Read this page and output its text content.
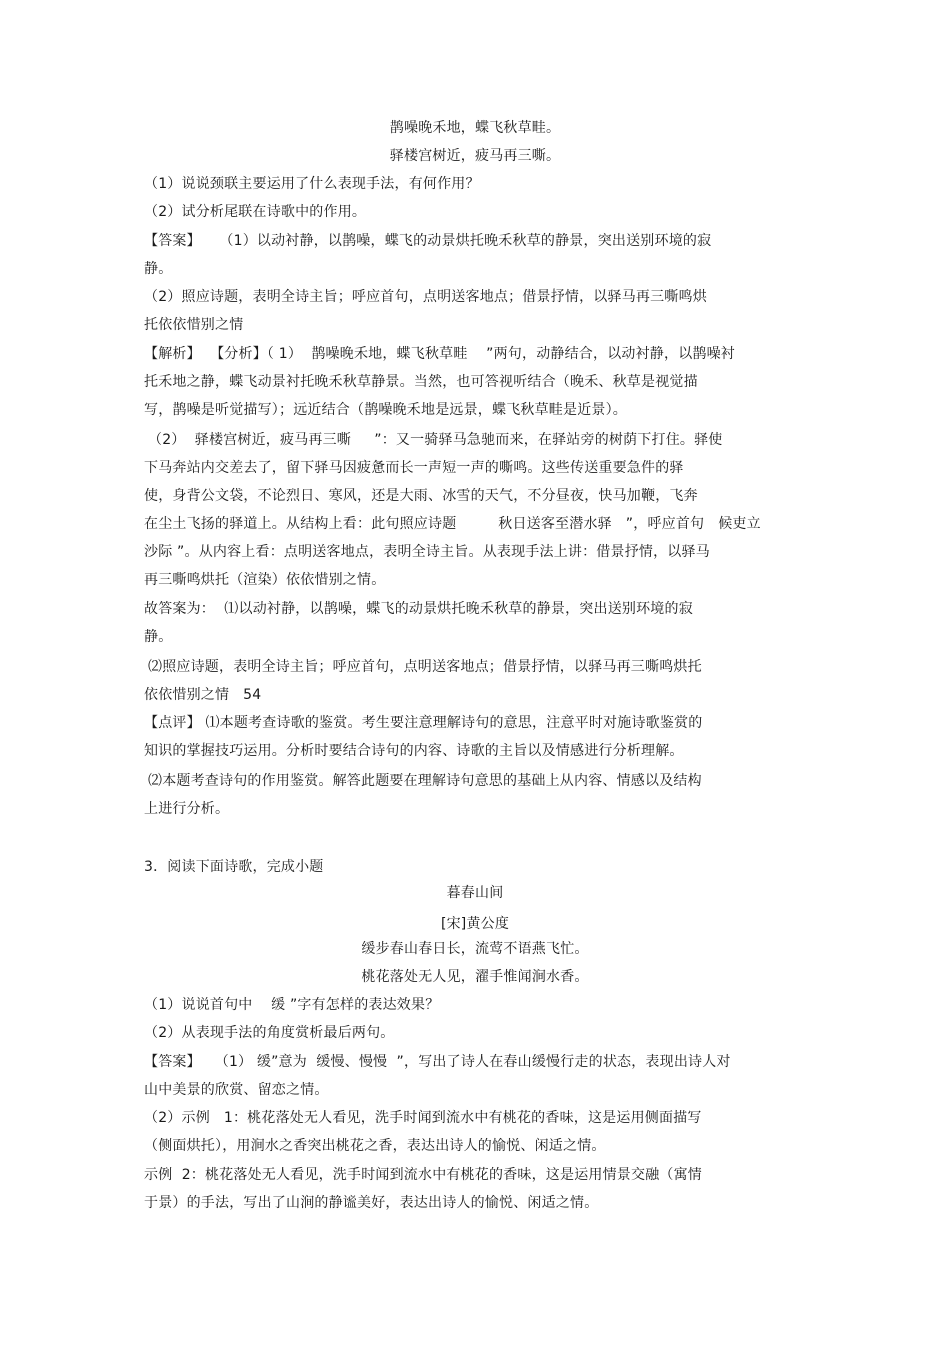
鹊噪晚禾地，蝶飞秋草畦。
驿楼宫树近，疲马再三嘶。
（1）说说颈联主要运用了什么表现手法，有何作用？
（2）试分析尾联在诗歌中的作用。
【答案】    （1）以动衬静，以鹊噪，蝶飞的动景烘托晚禾秋草的静景，突出送别环境的寂
静。
（2）照应诗题，表明全诗主旨；呼应首句，点明送客地点；借景抒情，以驿马再三嘶鸣烘
托依依惜别之情
【解析】  【分析】（ 1）  鹊噪晚禾地，蝶飞秋草畦    ”两句，动静结合，以动衬静，以鹊噪衬
托禾地之静，蝶飞动景衬托晚禾秋草静景。当然，也可答视听结合（晚禾、秋草是视觉描
写，鹊噪是听觉描写）；远近结合（鹊噪晚禾地是远景，蝶飞秋草畦是近景）。
（2）  驿楼宫树近，疲马再三嘶     ”：又一骑驿马急驰而来，在驿站旁的树荫下打住。驿使
下马奔站内交差去了，留下驿马因疲惫而长一声短一声的嘶鸣。这些传送重要急件的驿
使，身背公文袋，不论烈日、寒风，还是大雨、冰雪的天气，不分昼夜，快马加鞭，飞奔
在尘土飞扬的驿道上。从结构上看：此句照应诗题         秋日送客至潜水驿   ”，呼应首句   候吏立
沙际 ”。从内容上看：点明送客地点，表明全诗主旨。从表现手法上讲：借景抒情，以驿马
再三嘶鸣烘托（渲染）依依惜别之情。
故答案为：  ⑴以动衬静，以鹊噪，蝶飞的动景烘托晚禾秋草的静景，突出送别环境的寂
静。
⑵照应诗题，表明全诗主旨；呼应首句，点明送客地点；借景抒情，以驿马再三嘶鸣烘托
依依惜别之情   54
【点评】 ⑴本题考查诗歌的鉴赏。考生要注意理解诗句的意思，注意平时对施诗歌鉴赏的
知识的掌握技巧运用。分析时要结合诗句的内容、诗歌的主旨以及情感进行分析理解。
⑵本题考查诗句的作用鉴赏。解答此题要在理解诗句意思的基础上从内容、情感以及结构
上进行分析。
3．阅读下面诗歌，完成小题
暮春山间
[宋]黄公度
缓步春山春日长，流莺不语燕飞忙。
桃花落处无人见，濯手惟闻涧水香。
（1）说说首句中    缓 ”字有怎样的表达效果？
（2）从表现手法的角度赏析最后两句。
【答案】   （1） 缓”意为  缓慢、慢慢  ”，写出了诗人在春山缓慢行走的状态，表现出诗人对
山中美景的欣赏、留恋之情。
（2）示例   1：桃花落处无人看见，洗手时闻到流水中有桃花的香味，这是运用侧面描写
（侧面烘托），用涧水之香突出桃花之香，表达出诗人的愉悦、闲适之情。
示例  2：桃花落处无人看见，洗手时闻到流水中有桃花的香味，这是运用情景交融（寓情
于景）的手法，写出了山涧的静谧美好，表达出诗人的愉悦、闲适之情。
